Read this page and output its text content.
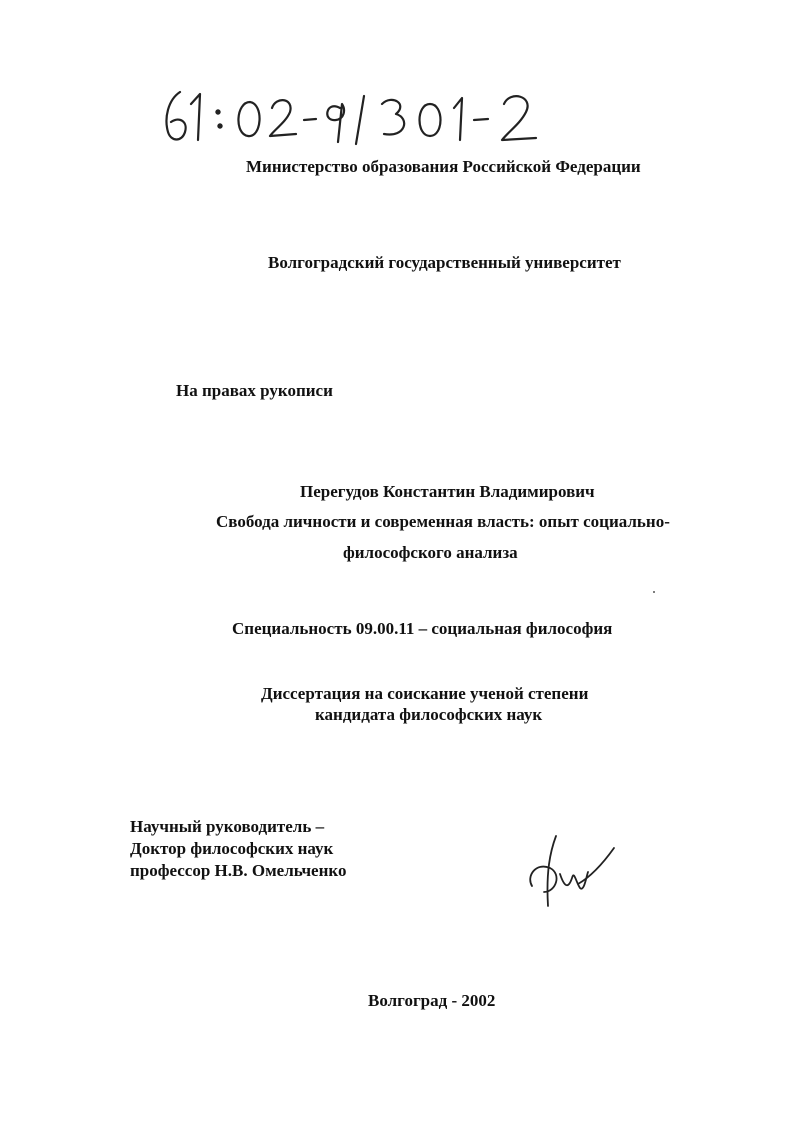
Министерство образования Российской Федерации
Волгоградский государственный университет
На правах рукописи
Перегудов Константин Владимирович
Свобода личности и современная власть: опыт социально-
философского анализа
Специальность 09.00.11 – социальная философия
Диссертация на соискание ученой степени
кандидата философских наук
Научный руководитель –
Доктор философских наук
профессор Н.В. Омельченко
Волгоград - 2002
